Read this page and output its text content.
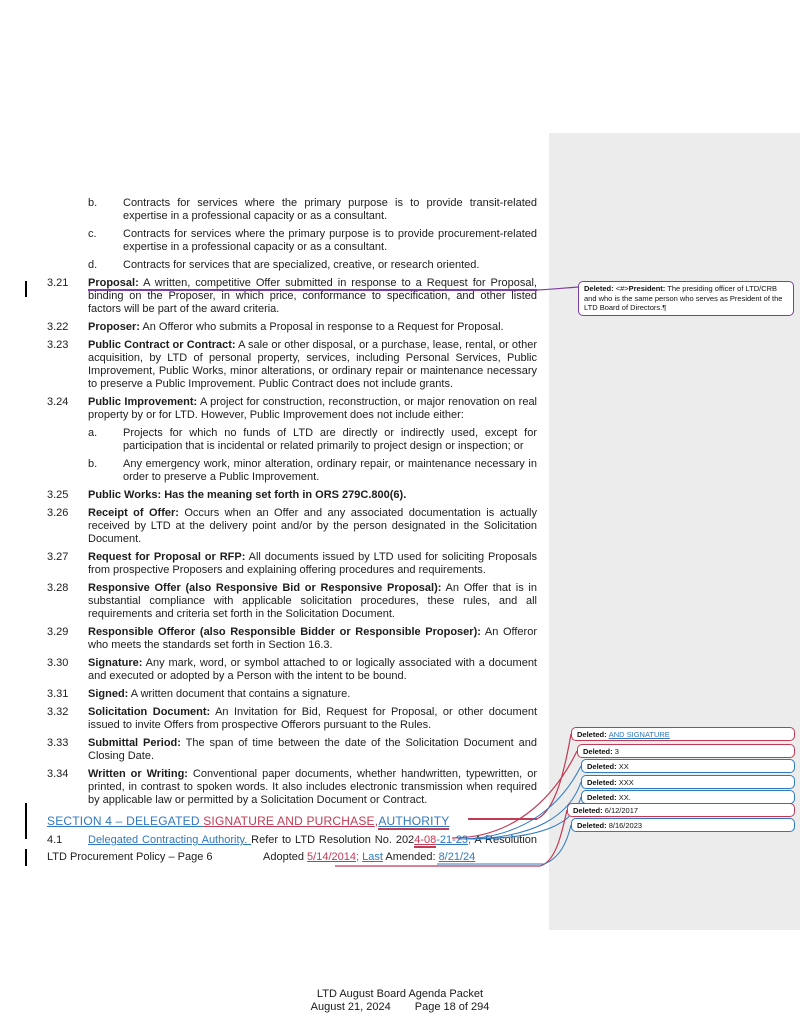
b.	Contracts for services where the primary purpose is to provide transit-related expertise in a professional capacity or as a consultant.
c.	Contracts for services where the primary purpose is to provide procurement-related expertise in a professional capacity or as a consultant.
d.	Contracts for services that are specialized, creative, or research oriented.
3.21	Proposal: A written, competitive Offer submitted in response to a Request for Proposal, binding on the Proposer, in which price, conformance to specification, and other listed factors will be part of the award criteria.
3.22	Proposer: An Offeror who submits a Proposal in response to a Request for Proposal.
3.23	Public Contract or Contract: A sale or other disposal, or a purchase, lease, rental, or other acquisition, by LTD of personal property, services, including Personal Services, Public Improvement, Public Works, minor alterations, or ordinary repair or maintenance necessary to preserve a Public Improvement. Public Contract does not include grants.
3.24	Public Improvement: A project for construction, reconstruction, or major renovation on real property by or for LTD. However, Public Improvement does not include either:
a.	Projects for which no funds of LTD are directly or indirectly used, except for participation that is incidental or related primarily to project design or inspection; or
b.	Any emergency work, minor alteration, ordinary repair, or maintenance necessary in order to preserve a Public Improvement.
3.25	Public Works: Has the meaning set forth in ORS 279C.800(6).
3.26	Receipt of Offer: Occurs when an Offer and any associated documentation is actually received by LTD at the delivery point and/or by the person designated in the Solicitation Document.
3.27	Request for Proposal or RFP: All documents issued by LTD used for soliciting Proposals from prospective Proposers and explaining offering procedures and requirements.
3.28	Responsive Offer (also Responsive Bid or Responsive Proposal): An Offer that is in substantial compliance with applicable solicitation procedures, these rules, and all requirements and criteria set forth in the Solicitation Document.
3.29	Responsible Offeror (also Responsible Bidder or Responsible Proposer): An Offeror who meets the standards set forth in Section 16.3.
3.30	Signature: Any mark, word, or symbol attached to or logically associated with a document and executed or adopted by a Person with the intent to be bound.
3.31	Signed: A written document that contains a signature.
3.32	Solicitation Document: An Invitation for Bid, Request for Proposal, or other document issued to invite Offers from prospective Offerors pursuant to the Rules.
3.33	Submittal Period: The span of time between the date of the Solicitation Document and Closing Date.
3.34	Written or Writing: Conventional paper documents, whether handwritten, typewritten, or printed, in contrast to spoken words. It also includes electronic transmission when required by applicable law or permitted by a Solicitation Document or Contract.
SECTION 4 – DELEGATED SIGNATURE AND PURCHASE,AUTHORITY
4.1	Delegated Contracting Authority. Refer to LTD Resolution No. 2024-08-21-23, A Resolution
LTD Procurement Policy – Page 6	Adopted 5/14/2014; Last Amended: 8/21/24
Deleted: <#>President: The presiding officer of LTD/CRB and who is the same person who serves as President of the LTD Board of Directors.¶
Deleted: AND SIGNATURE
Deleted: 3
Deleted: XX
Deleted: XXX
Deleted: XX.
Deleted: 6/12/2017
Deleted: 8/16/2023
LTD August Board Agenda Packet
August 21, 2024 Page 18 of 294
